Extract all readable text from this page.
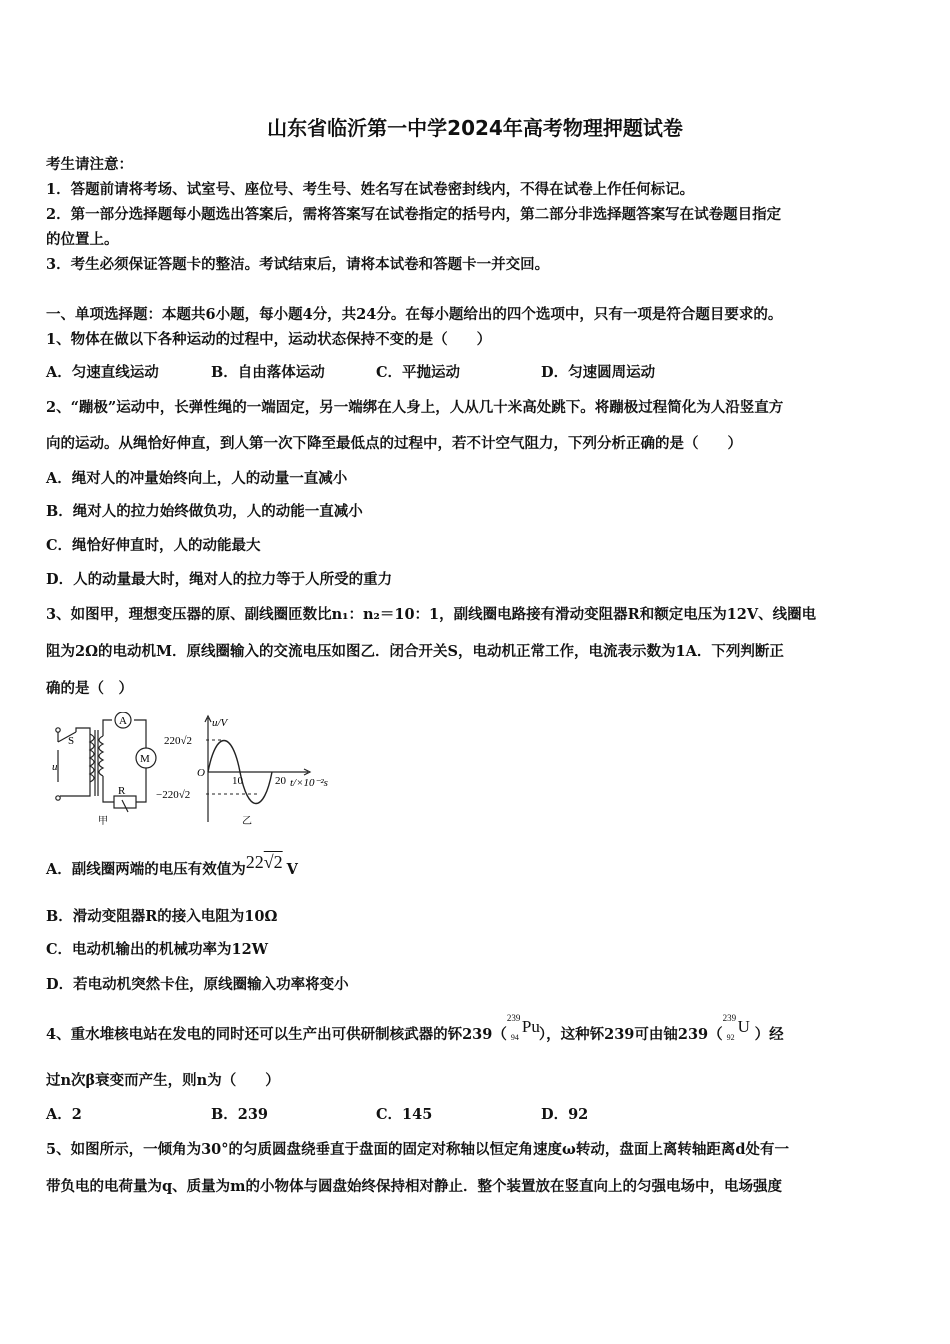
山东省临沂第一中学2024年高考物理押题试卷
考生请注意：
1．答题前请将考场、试室号、座位号、考生号、姓名写在试卷密封线内，不得在试卷上作任何标记。
2．第一部分选择题每小题选出答案后，需将答案写在试卷指定的括号内，第二部分非选择题答案写在试卷题目指定
的位置上。
3．考生必须保证答题卡的整洁。考试结束后，请将本试卷和答题卡一并交回。
一、单项选择题：本题共6小题，每小题4分，共24分。在每小题给出的四个选项中，只有一项是符合题目要求的。
1、物体在做以下各种运动的过程中，运动状态保持不变的是（　　）
A．匀速直线运动	B．自由落体运动	C．平抛运动	D．匀速圆周运动
2、“蹦极”运动中，长弹性绳的一端固定，另一端绑在人身上，人从几十米高处跳下。将蹦极过程简化为人沿竖直方
向的运动。从绳恰好伸直，到人第一次下降至最低点的过程中，若不计空气阻力，下列分析正确的是（　　）
A．绳对人的冲量始终向上，人的动量一直减小
B．绳对人的拉力始终做负功，人的动能一直减小
C．绳恰好伸直时，人的动能最大
D．人的动量最大时，绳对人的拉力等于人所受的重力
3、如图甲，理想变压器的原、副线圈匝数比n₁：n₂＝10：1，副线圈电路接有滑动变阻器R和额定电压为12V、线圈电
阻为2Ω的电动机M．原线圈输入的交流电压如图乙．闭合开关S，电动机正常工作，电流表示数为1A．下列判断正
确的是（　）
A
M
S
u
R
甲
220√2
−220√2
O
10	20 t/×10⁻²s
u/V
乙
A．副线圈两端的电压有效值为22√2 V
B．滑动变阻器R的接入电阻为10Ω
C．电动机输出的机械功率为12W
D．若电动机突然卡住，原线圈输入功率将变小
4、重水堆核电站在发电的同时还可以生产出可供研制核武器的钚239（
239
94
Pu ），这种钚239可由铀239（
239
92
U ）经
过n次β衰变而产生，则n为（　　）
A．2	B．239	C．145	D．92
5、如图所示，一倾角为30°的匀质圆盘绕垂直于盘面的固定对称轴以恒定角速度ω转动，盘面上离转轴距离d处有一
带负电的电荷量为q、质量为m的小物体与圆盘始终保持相对静止．整个装置放在竖直向上的匀强电场中，电场强度
